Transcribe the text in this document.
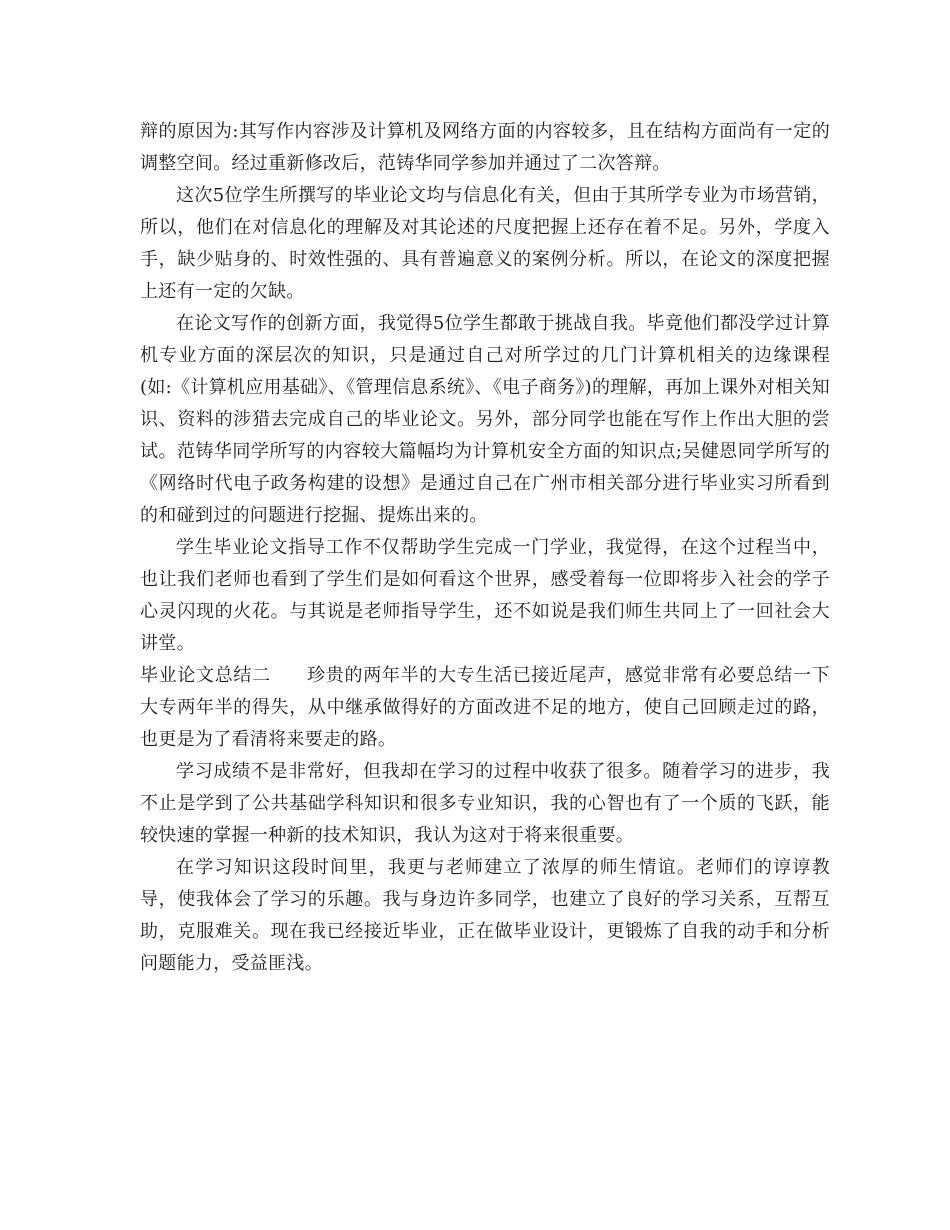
辩的原因为:其写作内容涉及计算机及网络方面的内容较多，且在结构方面尚有一定的调整空间。经过重新修改后，范铸华同学参加并通过了二次答辩。

这次5位学生所撰写的毕业论文均与信息化有关，但由于其所学专业为市场营销，所以，他们在对信息化的理解及对其论述的尺度把握上还存在着不足。另外，学度入手，缺少贴身的、时效性强的、具有普遍意义的案例分析。所以，在论文的深度把握上还有一定的欠缺。

在论文写作的创新方面，我觉得5位学生都敢于挑战自我。毕竟他们都没学过计算机专业方面的深层次的知识，只是通过自己对所学过的几门计算机相关的边缘课程(如:《计算机应用基础》、《管理信息系统》、《电子商务》)的理解，再加上课外对相关知识、资料的涉猎去完成自己的毕业论文。另外，部分同学也能在写作上作出大胆的尝试。范铸华同学所写的内容较大篇幅均为计算机安全方面的知识点;吴健恩同学所写的《网络时代电子政务构建的设想》是通过自己在广州市相关部分进行毕业实习所看到的和碰到过的问题进行挖掘、提炼出来的。

学生毕业论文指导工作不仅帮助学生完成一门学业，我觉得，在这个过程当中，也让我们老师也看到了学生们是如何看这个世界，感受着每一位即将步入社会的学子心灵闪现的火花。与其说是老师指导学生，还不如说是我们师生共同上了一回社会大讲堂。

毕业论文总结二 珍贵的两年半的大专生活已接近尾声，感觉非常有必要总结一下大专两年半的得失，从中继承做得好的方面改进不足的地方，使自己回顾走过的路，也更是为了看清将来要走的路。

学习成绩不是非常好，但我却在学习的过程中收获了很多。随着学习的进步，我不止是学到了公共基础学科知识和很多专业知识，我的心智也有了一个质的飞跃，能较快速的掌握一种新的技术知识，我认为这对于将来很重要。

在学习知识这段时间里，我更与老师建立了浓厚的师生情谊。老师们的谆谆教导，使我体会了学习的乐趣。我与身边许多同学，也建立了良好的学习关系，互帮互助，克服难关。现在我已经接近毕业，正在做毕业设计，更锻炼了自我的动手和分析问题能力，受益匪浅。
